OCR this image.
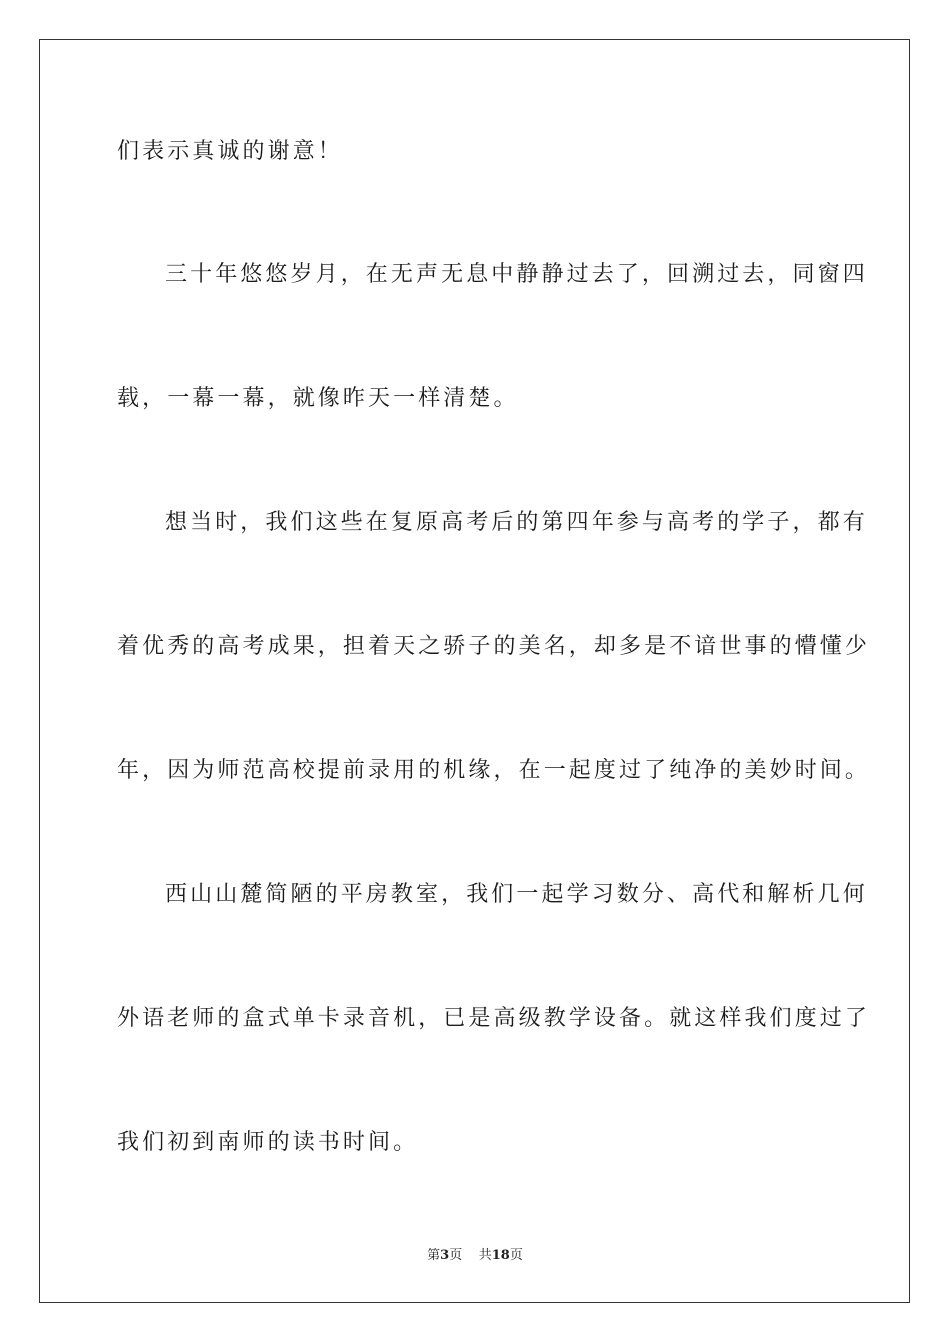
们表示真诚的谢意！
三十年悠悠岁月，在无声无息中静静过去了，回溯过去，同窗四
载，一幕一幕，就像昨天一样清楚。
想当时，我们这些在复原高考后的第四年参与高考的学子，都有
着优秀的高考成果，担着天之骄子的美名，却多是不谙世事的懵懂少
年，因为师范高校提前录用的机缘，在一起度过了纯净的美妙时间。
西山山麓简陋的平房教室，我们一起学习数分、高代和解析几何
外语老师的盒式单卡录音机，已是高级教学设备。就这样我们度过了
我们初到南师的读书时间。
第3页 共18页
